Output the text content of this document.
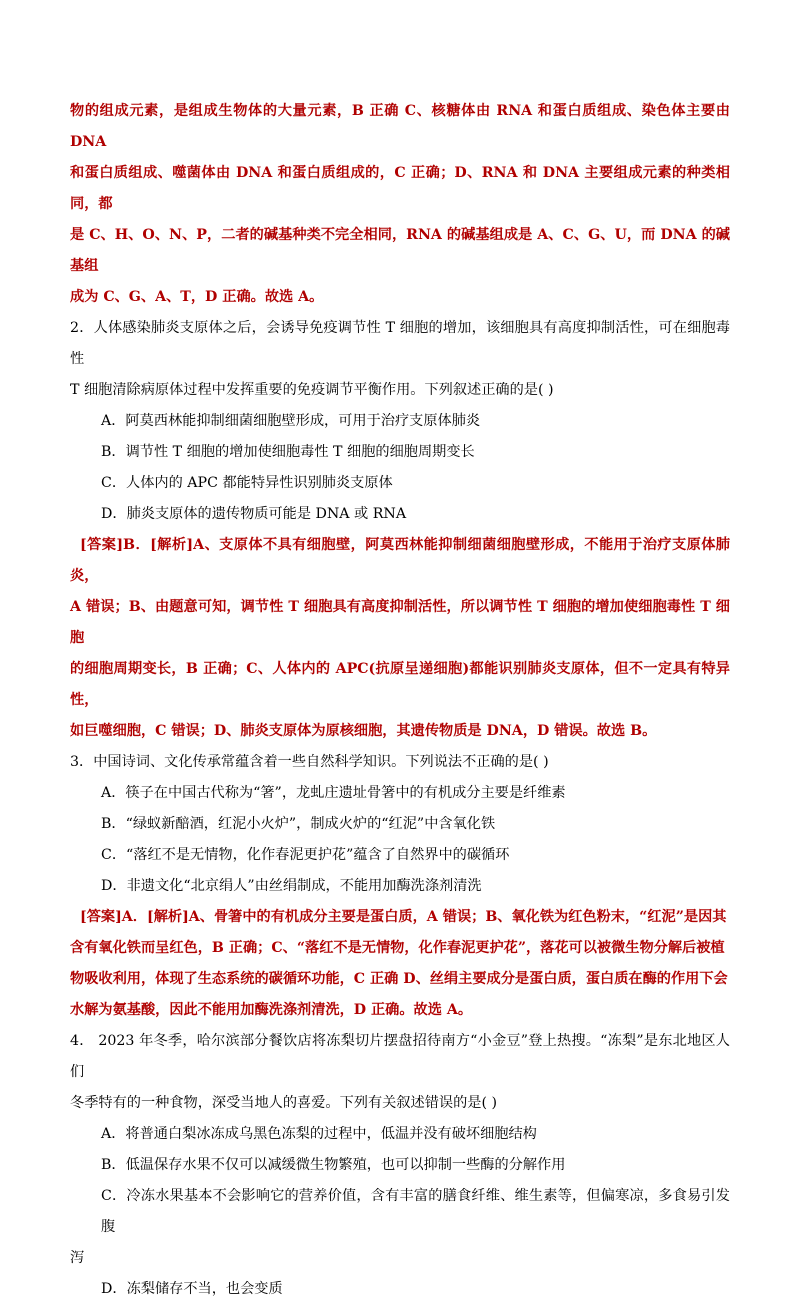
物的组成元素，是组成生物体的大量元素，B 正确 C、核糖体由 RNA 和蛋白质组成、染色体主要由 DNA

和蛋白质组成、噬菌体由 DNA 和蛋白质组成的，C 正确；D、RNA 和 DNA 主要组成元素的种类相同，都

是 C、H、O、N、P，二者的碱基种类不完全相同，RNA 的碱基组成是 A、C、G、U，而 DNA 的碱基组

成为 C、G、A、T，D 正确。故选 A。

2．人体感染肺炎支原体之后，会诱导免疫调节性 T 细胞的增加，该细胞具有高度抑制活性，可在细胞毒性

T 细胞清除病原体过程中发挥重要的免疫调节平衡作用。下列叙述正确的是( )

A．阿莫西林能抑制细菌细胞壁形成，可用于治疗支原体肺炎

B．调节性 T 细胞的增加使细胞毒性 T 细胞的细胞周期变长

C．人体内的 APC 都能特异性识别肺炎支原体

D．肺炎支原体的遗传物质可能是 DNA 或 RNA

[答案]B．[解析]A、支原体不具有细胞壁，阿莫西林能抑制细菌细胞壁形成，不能用于治疗支原体肺炎，

A 错误；B、由题意可知，调节性 T 细胞具有高度抑制活性，所以调节性 T 细胞的增加使细胞毒性 T 细胞

的细胞周期变长，B 正确；C、人体内的 APC(抗原呈递细胞)都能识别肺炎支原体，但不一定具有特异性，

如巨噬细胞，C 错误；D、肺炎支原体为原核细胞，其遗传物质是 DNA，D 错误。故选 B。

3．中国诗词、文化传承常蕴含着一些自然科学知识。下列说法不正确的是( )

A．筷子在中国古代称为“箸”，龙虬庄遗址骨箸中的有机成分主要是纤维素

B．“绿蚁新醅酒，红泥小火炉”，制成火炉的“红泥”中含氧化铁

C．“落红不是无情物，化作春泥更护花”蕴含了自然界中的碳循环

D．非遗文化“北京绢人”由丝绢制成，不能用加酶洗涤剂清洗

[答案]A．[解析]A、骨箸中的有机成分主要是蛋白质，A 错误；B、氧化铁为红色粉末，“红泥”是因其

含有氧化铁而呈红色，B 正确；C、“落红不是无情物，化作春泥更护花”，落花可以被微生物分解后被植

物吸收利用，体现了生态系统的碳循环功能，C 正确 D、丝绢主要成分是蛋白质，蛋白质在酶的作用下会

水解为氨基酸，因此不能用加酶洗涤剂清洗，D 正确。故选 A。

4． 2023 年冬季，哈尔滨部分餐饮店将冻梨切片摆盘招待南方“小金豆”登上热搜。“冻梨”是东北地区人们

冬季特有的一种食物，深受当地人的喜爱。下列有关叙述错误的是( )

A．将普通白梨冰冻成乌黑色冻梨的过程中，低温并没有破坏细胞结构

B．低温保存水果不仅可以减缓微生物繁殖，也可以抑制一些酶的分解作用

C．冷冻水果基本不会影响它的营养价值，含有丰富的膳食纤维、维生素等，但偏寒凉，多食易引发腹

泻

D．冻梨储存不当，也会变质
